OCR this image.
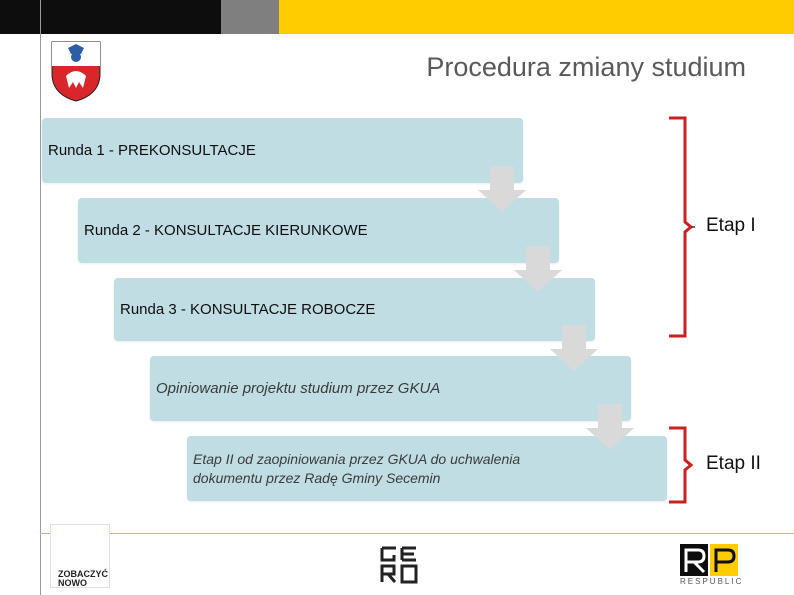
Procedura zmiany studium
Runda 1 - PREKONSULTACJE
Runda 2 - KONSULTACJE KIERUNKOWE
Runda 3 - KONSULTACJE ROBOCZE
Opiniowanie projektu studium przez GKUA
Etap II od zaopiniowania przez GKUA do uchwalenia
dokumentu przez Radę Gminy Secemin
Etap I
Etap II
ZOBACZYĆ
NOWO	RESPUBLIC
